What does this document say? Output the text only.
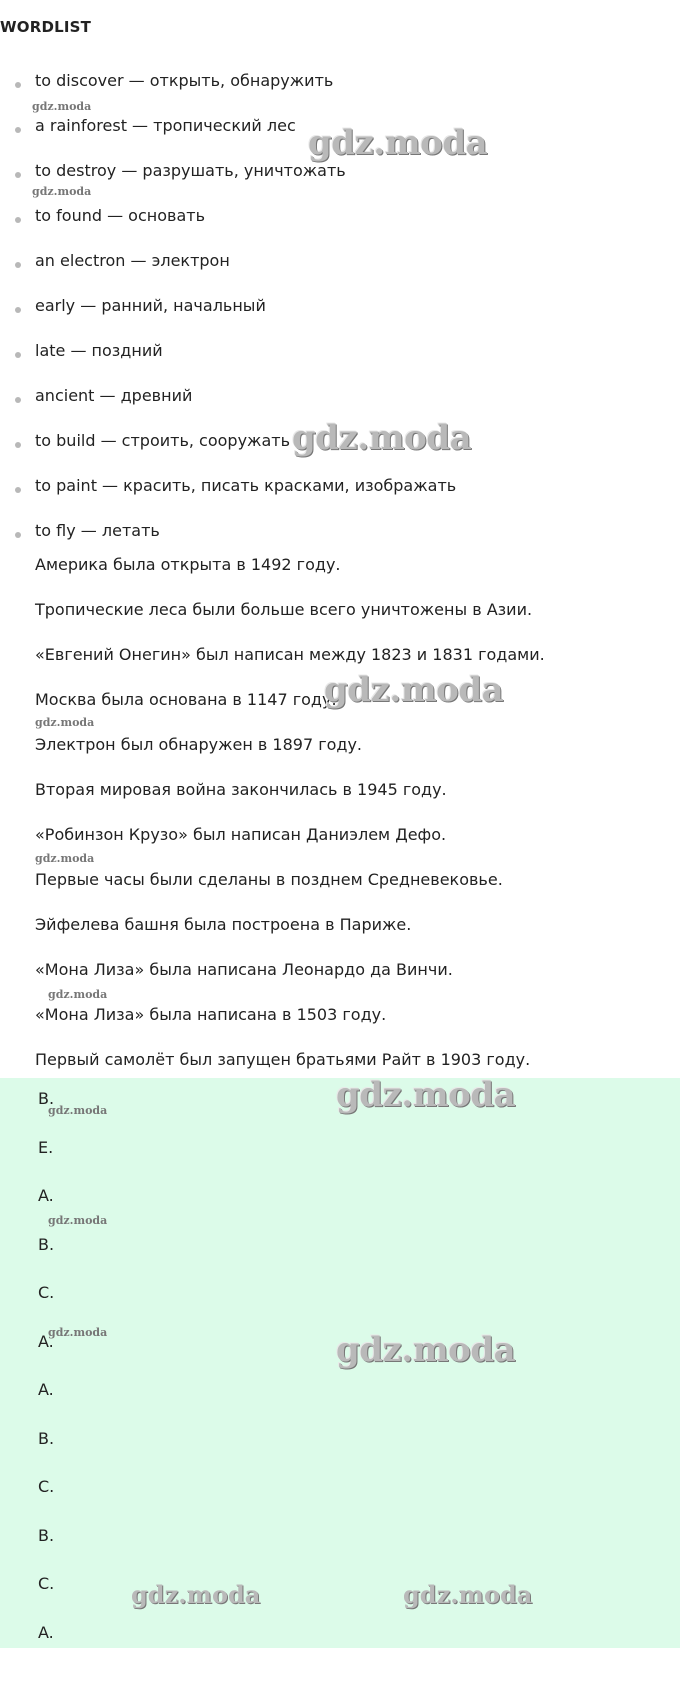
WORDLIST
to discover — открыть, обнаружить
a rainforest — тропический лес
to destroy — разрушать, уничтожать
to found — основать
an electron — электрон
early — ранний, начальный
late — поздний
ancient — древний
to build — строить, сооружать
to paint — красить, писать красками, изображать
to fly — летать
Америка была открыта в 1492 году.
Тропические леса были больше всего уничтожены в Азии.
«Евгений Онегин» был написан между 1823 и 1831 годами.
Москва была основана в 1147 году.
Электрон был обнаружен в 1897 году.
Вторая мировая война закончилась в 1945 году.
«Робинзон Крузо» был написан Даниэлем Дефо.
Первые часы были сделаны в позднем Средневековье.
Эйфелева башня была построена в Париже.
«Мона Лиза» была написана Леонардо да Винчи.
«Мона Лиза» была написана в 1503 году.
Первый самолёт был запущен братьями Райт в 1903 году.
B.
E.
A.
B.
C.
A.
A.
B.
C.
B.
C.
A.
gdz.moda
gdz.moda
gdz.moda
gdz.moda
gdz.moda
gdz.moda
gdz.moda
gdz.moda
gdz.moda
gdz.moda
gdz.moda
gdz.moda	gdz.moda
gdz.moda	gdz.moda
